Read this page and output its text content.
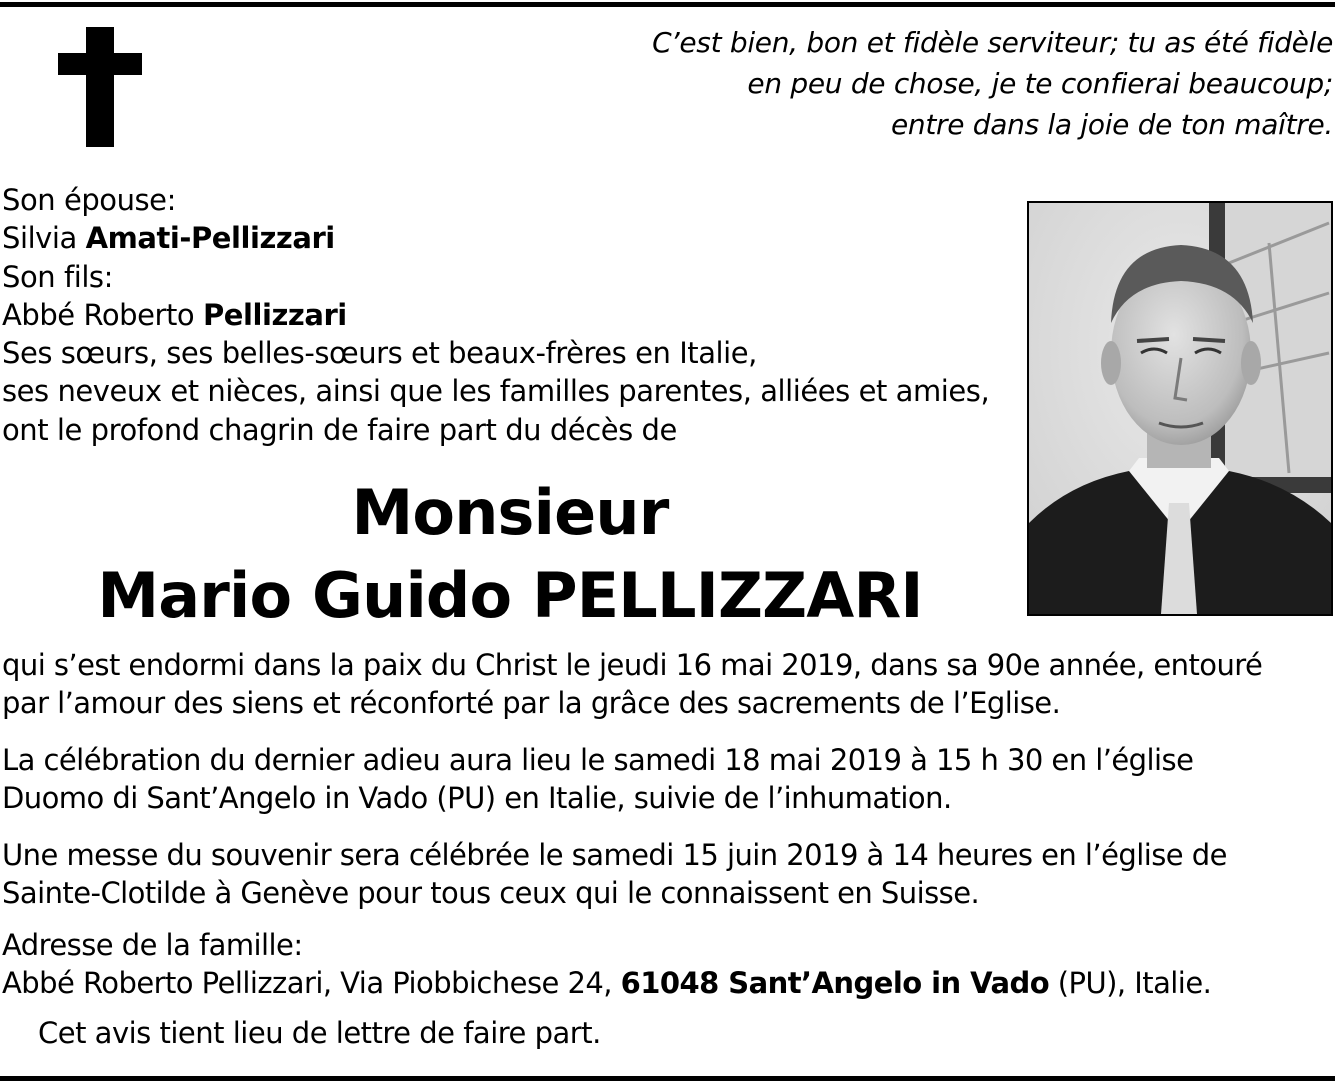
C’est bien, bon et fidèle serviteur; tu as été fidèle
en peu de chose, je te confierai beaucoup;
entre dans la joie de ton maître.
Son épouse:
Silvia Amati-Pellizzari
Son fils:
Abbé Roberto Pellizzari
Ses sœurs, ses belles-sœurs et beaux-frères en Italie,
ses neveux et nièces, ainsi que les familles parentes, alliées et amies,
ont le profond chagrin de faire part du décès de
Monsieur
Mario Guido PELLIZZARI
qui s’est endormi dans la paix du Christ le jeudi 16 mai 2019, dans sa 90e année, entouré
par l’amour des siens et réconforté par la grâce des sacrements de l’Eglise.
La célébration du dernier adieu aura lieu le samedi 18 mai 2019 à 15 h 30 en l’église
Duomo di Sant’Angelo in Vado (PU) en Italie, suivie de l’inhumation.
Une messe du souvenir sera célébrée le samedi 15 juin 2019 à 14 heures en l’église de
Sainte-Clotilde à Genève pour tous ceux qui le connaissent en Suisse.
Adresse de la famille:
Abbé Roberto Pellizzari, Via Piobbichese 24, 61048 Sant’Angelo in Vado (PU), Italie.
Cet avis tient lieu de lettre de faire part.
